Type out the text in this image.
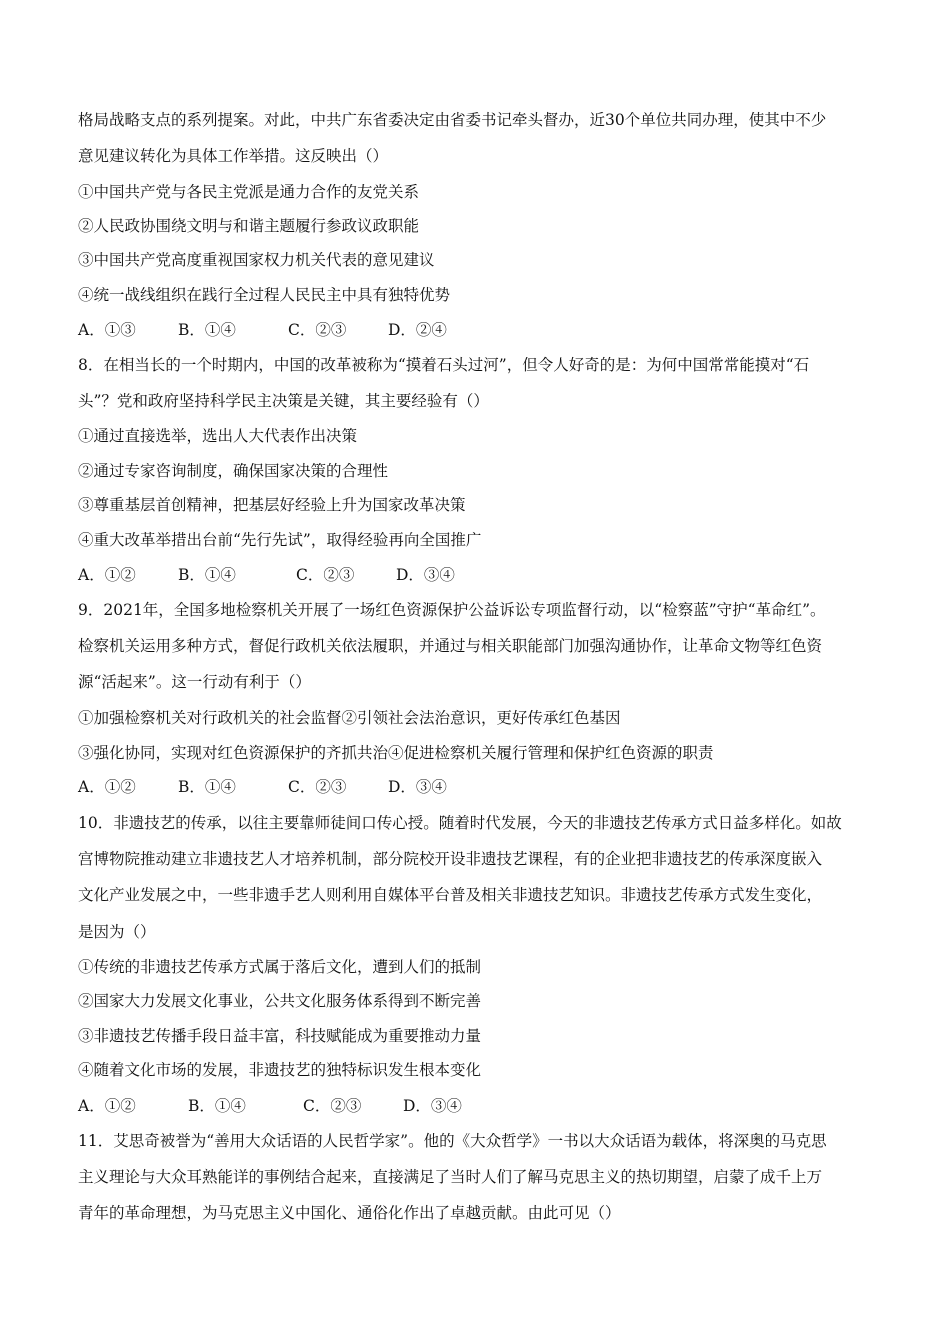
格局战略支点的系列提案。对此，中共广东省委决定由省委书记牵头督办，近30个单位共同办理，使其中不少
意见建议转化为具体工作举措。这反映出（）
①中国共产党与各民主党派是通力合作的友党关系
②人民政协围绕文明与和谐主题履行参政议政职能
③中国共产党高度重视国家权力机关代表的意见建议
④统一战线组织在践行全过程人民民主中具有独特优势
A．①③	B．①④	C．②③	D．②④
8．在相当长的一个时期内，中国的改革被称为“摸着石头过河”，但令人好奇的是：为何中国常常能摸对“石
头”？党和政府坚持科学民主决策是关键，其主要经验有（）
①通过直接选举，选出人大代表作出决策
②通过专家咨询制度，确保国家决策的合理性
③尊重基层首创精神，把基层好经验上升为国家改革决策
④重大改革举措出台前“先行先试”，取得经验再向全国推广
A．①②	B．①④	C．②③	D．③④
9．2021年，全国多地检察机关开展了一场红色资源保护公益诉讼专项监督行动，以“检察蓝”守护“革命红”。
检察机关运用多种方式，督促行政机关依法履职，并通过与相关职能部门加强沟通协作，让革命文物等红色资
源“活起来”。这一行动有利于（）
①加强检察机关对行政机关的社会监督②引领社会法治意识，更好传承红色基因
③强化协同，实现对红色资源保护的齐抓共治④促进检察机关履行管理和保护红色资源的职责
A．①②	B．①④	C．②③	D．③④
10．非遗技艺的传承，以往主要靠师徒间口传心授。随着时代发展，今天的非遗技艺传承方式日益多样化。如故
宫博物院推动建立非遗技艺人才培养机制，部分院校开设非遗技艺课程，有的企业把非遗技艺的传承深度嵌入
文化产业发展之中，一些非遗手艺人则利用自媒体平台普及相关非遗技艺知识。非遗技艺传承方式发生变化，
是因为（）
①传统的非遗技艺传承方式属于落后文化，遭到人们的抵制
②国家大力发展文化事业，公共文化服务体系得到不断完善
③非遗技艺传播手段日益丰富，科技赋能成为重要推动力量
④随着文化市场的发展，非遗技艺的独特标识发生根本变化
A．①②	B．①④	C．②③	D．③④
11．艾思奇被誉为“善用大众话语的人民哲学家”。他的《大众哲学》一书以大众话语为载体，将深奥的马克思
主义理论与大众耳熟能详的事例结合起来，直接满足了当时人们了解马克思主义的热切期望，启蒙了成千上万
青年的革命理想，为马克思主义中国化、通俗化作出了卓越贡献。由此可见（）
